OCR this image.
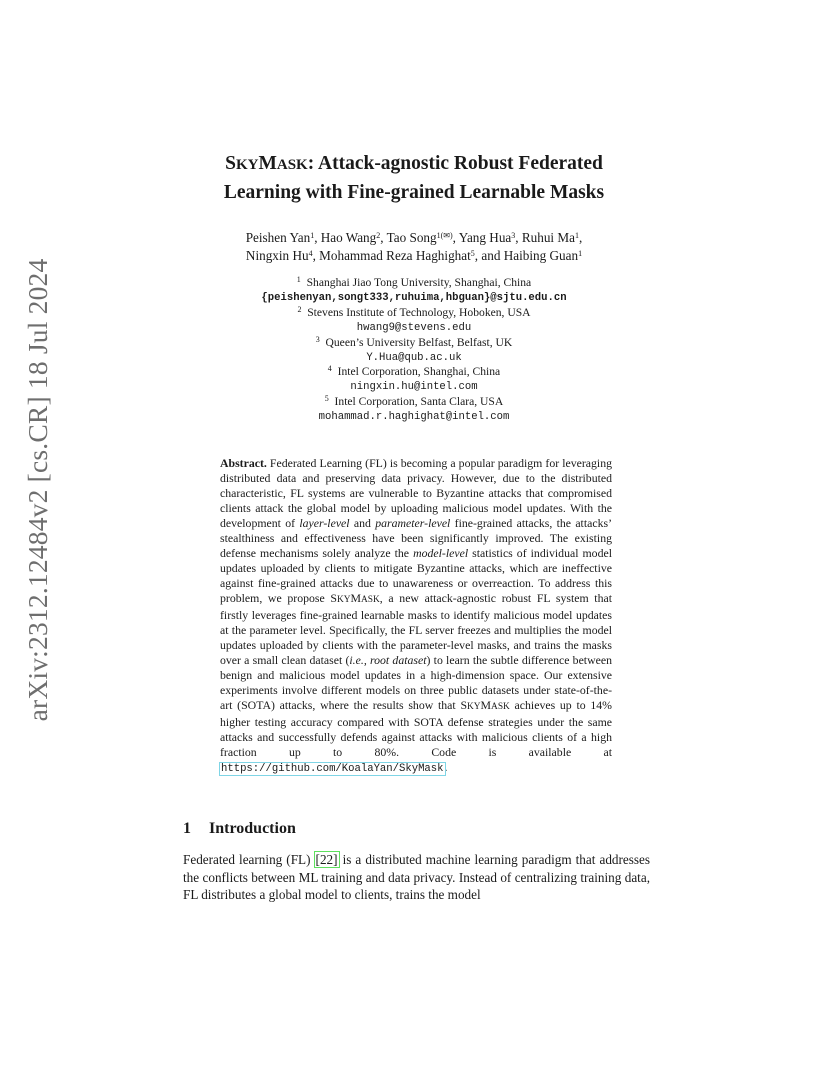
arXiv:2312.12484v2 [cs.CR] 18 Jul 2024
SKYMASK: Attack-agnostic Robust Federated
Learning with Fine-grained Learnable Masks
Peishen Yan$^1$, Hao Wang$^2$, Tao Song$^{1(✉)}$, Yang Hua$^3$, Ruhui Ma$^1$,
Ningxin Hu$^4$, Mohammad Reza Haghighat$^5$, and Haibing Guan$^1$
$^1$ Shanghai Jiao Tong University, Shanghai, China
{peishenyan,songt333,ruhuima,hbguan}@sjtu.edu.cn
$^2$ Stevens Institute of Technology, Hoboken, USA
hwang9@stevens.edu
$^3$ Queen’s University Belfast, Belfast, UK
Y.Hua@qub.ac.uk
$^4$ Intel Corporation, Shanghai, China
ningxin.hu@intel.com
$^5$ Intel Corporation, Santa Clara, USA
mohammad.r.haghighat@intel.com

Abstract. Federated Learning (FL) is becoming a popular paradigm for leveraging distributed data and preserving data privacy. However, due to the distributed characteristic, FL systems are vulnerable to Byzantine attacks that compromised clients attack the global model by uploading malicious model updates. With the development of layer-level and parameter-level fine-grained attacks, the attacks’ stealthiness and effectiveness have been significantly improved. The existing defense mechanisms solely analyze the model-level statistics of individual model updates uploaded by clients to mitigate Byzantine attacks, which are ineffective against fine-grained attacks due to unawareness or overreaction. To address this problem, we propose SKYMASK, a new attack-agnostic robust FL system that firstly leverages fine-grained learnable masks to identify malicious model updates at the parameter level. Specifically, the FL server freezes and multiplies the model updates uploaded by clients with the parameter-level masks, and trains the masks over a small clean dataset (i.e., root dataset) to learn the subtle difference between benign and malicious model updates in a high-dimension space. Our extensive experiments involve different models on three public datasets under state-of-the-art (SOTA) attacks, where the results show that SKYMASK achieves up to 14% higher testing accuracy compared with SOTA defense strategies under the same attacks and successfully defends against attacks with malicious clients of a high fraction up to 80%. Code is available at https://github.com/KoalaYan/SkyMask.

1 Introduction

Federated learning (FL) [22] is a distributed machine learning paradigm that addresses the conflicts between ML training and data privacy. Instead of centralizing training data, FL distributes a global model to clients, trains the model
